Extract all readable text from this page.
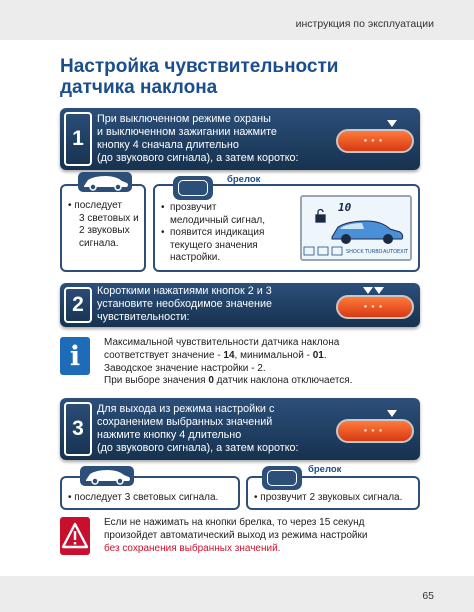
инструкция по эксплуатации
Настройка чувствительности
датчика наклона
1
При выключенном режиме охраны
и выключенном зажигании нажмите
кнопку 4 сначала длительно
(до звукового сигнала), а затем коротко:
●●●
• последует
3 световых и
2 звуковых
сигнала.
брелок
• прозвучит
мелодичный сигнал,
• появится индикация
текущего значения
настройки.
10
SHOCK TURBO AUTO EXIT
2
Короткими нажатиями кнопок 2 и 3
установите необходимое значение
чувствительности:
●●●
i	Максимальной чувствительности датчика наклона
соответствует значение - 14, минимальной - 01.
Заводское значение настройки - 2.
При выборе значения 0 датчик наклона отключается.
3
Для выхода из режима настройки с
сохранением выбранных значений
нажмите кнопку 4 длительно
(до звукового сигнала), а затем коротко:
●●●
• последует 3 световых сигнала.
брелок
• прозвучит 2 звуковых сигнала.
Если не нажимать на кнопки брелка, то через 15 секунд
произойдет автоматический выход из режима настройки
без сохранения выбранных значений.
65
